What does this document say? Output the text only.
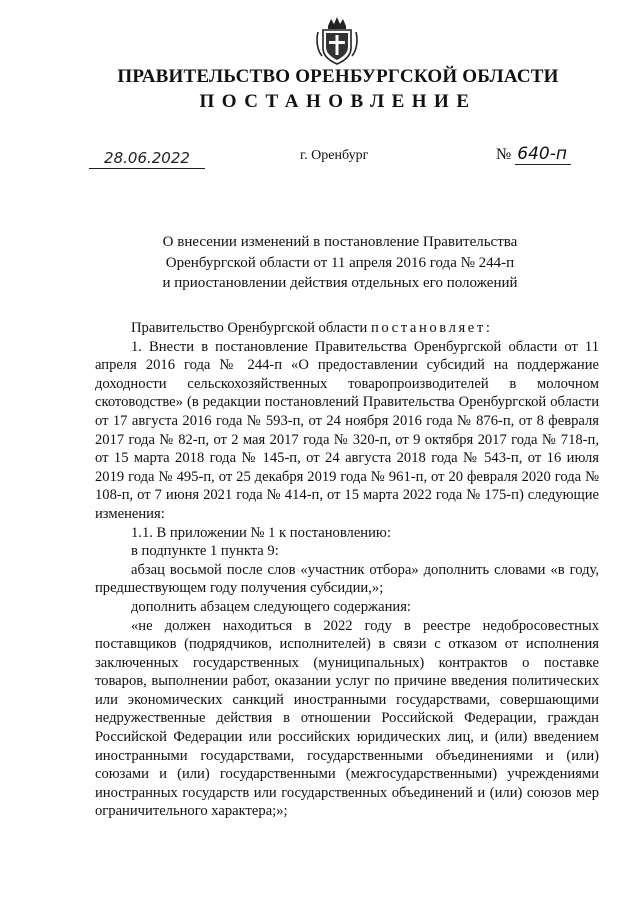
ПРАВИТЕЛЬСТВО ОРЕНБУРГСКОЙ ОБЛАСТИ
ПОСТАНОВЛЕНИЕ
28.06.2022	г. Оренбург	№ 640-п
О внесении изменений в постановление Правительства
Оренбургской области от 11 апреля 2016 года № 244-п
и приостановлении действия отдельных его положений

Правительство Оренбургской области постановляет:

1. Внести в постановление Правительства Оренбургской области от 11 апреля 2016 года № 244-п «О предоставлении субсидий на поддержание доходности сельскохозяйственных товаропроизводителей в молочном скотоводстве» (в редакции постановлений Правительства Оренбургской области от 17 августа 2016 года № 593-п, от 24 ноября 2016 года № 876-п, от 8 февраля 2017 года № 82-п, от 2 мая 2017 года № 320-п, от 9 октября 2017 года № 718-п, от 15 марта 2018 года № 145-п, от 24 августа 2018 года № 543-п, от 16 июля 2019 года № 495-п, от 25 декабря 2019 года № 961-п, от 20 февраля 2020 года № 108-п, от 7 июня 2021 года № 414-п, от 15 марта 2022 года № 175-п) следующие изменения:

1.1. В приложении № 1 к постановлению:

в подпункте 1 пункта 9:

абзац восьмой после слов «участник отбора» дополнить словами «в году, предшествующем году получения субсидии,»;

дополнить абзацем следующего содержания:

«не должен находиться в 2022 году в реестре недобросовестных поставщиков (подрядчиков, исполнителей) в связи с отказом от исполнения заключенных государственных (муниципальных) контрактов о поставке товаров, выполнении работ, оказании услуг по причине введения политических или экономических санкций иностранными государствами, совершающими недружественные действия в отношении Российской Федерации, граждан Российской Федерации или российских юридических лиц, и (или) введением иностранными государствами, государственными объединениями и (или) союзами и (или) государственными (межгосударственными) учреждениями иностранных государств или государственных объединений и (или) союзов мер ограничительного характера;»;
